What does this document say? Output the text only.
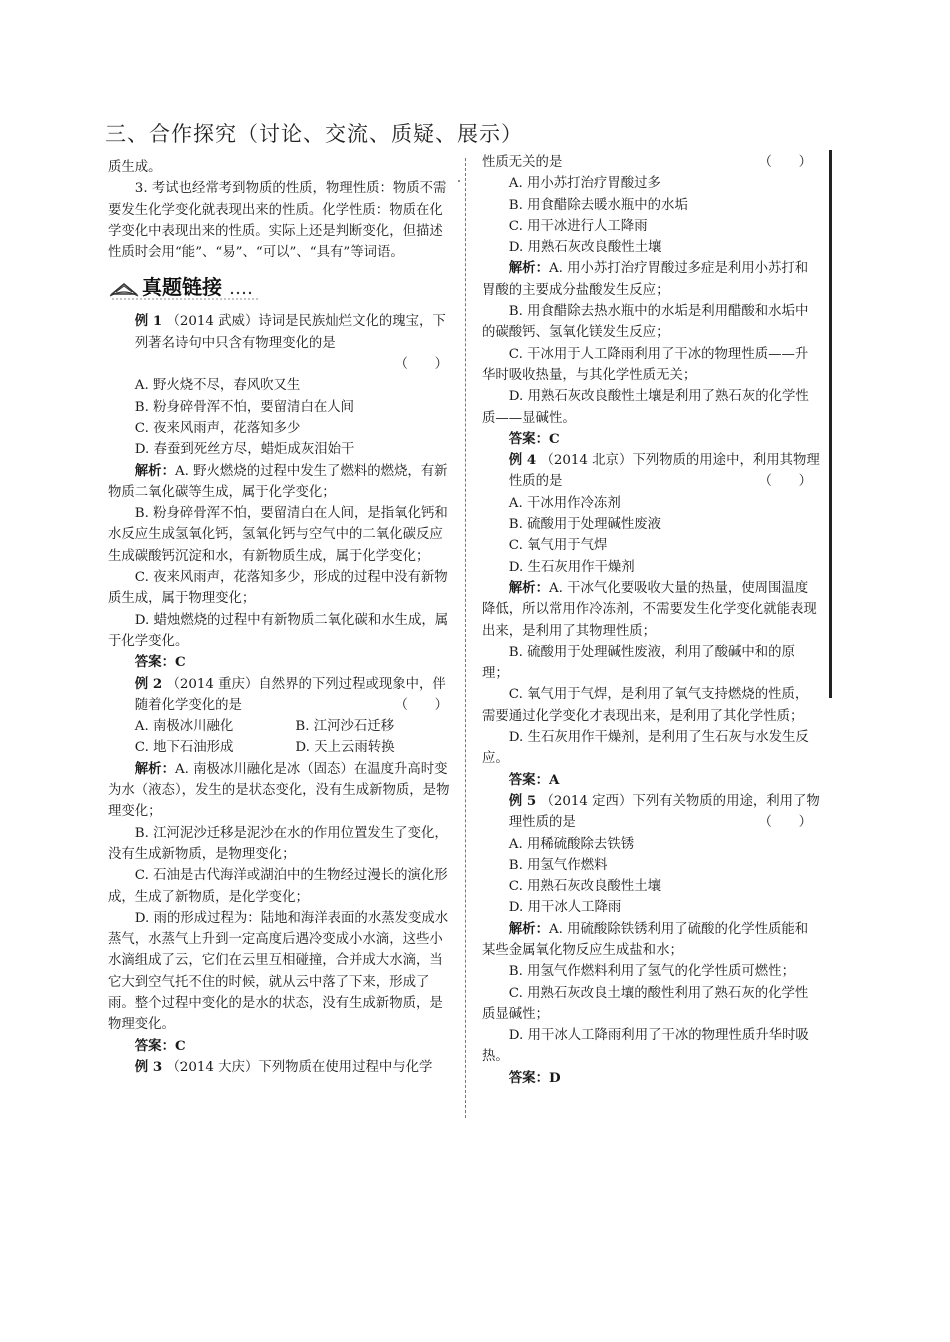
三、合作探究（讨论、交流、质疑、展示）

质生成。

3. 考试也经常考到物质的性质，物理性质：物质不需要发生化学变化就表现出来的性质。化学性质：物质在化学变化中表现出来的性质。实际上还是判断变化，但描述性质时会用“能”、“易”、“可以”、“具有”等词语。

真题链接

例 1 （2014 武威）诗词是民族灿烂文化的瑰宝，下列著名诗句中只含有物理变化的是

（　　）

A. 野火烧不尽，春风吹又生

B. 粉身碎骨浑不怕，要留清白在人间

C. 夜来风雨声，花落知多少

D. 春蚕到死丝方尽，蜡炬成灰泪始干

解析：A. 野火燃烧的过程中发生了燃料的燃烧，有新物质二氧化碳等生成，属于化学变化；

B. 粉身碎骨浑不怕，要留清白在人间，是指氧化钙和水反应生成氢氧化钙，氢氧化钙与空气中的二氧化碳反应生成碳酸钙沉淀和水，有新物质生成，属于化学变化；

C. 夜来风雨声，花落知多少，形成的过程中没有新物质生成，属于物理变化；

D. 蜡烛燃烧的过程中有新物质二氧化碳和水生成，属于化学变化。

答案：C

例 2 （2014 重庆）自然界的下列过程或现象中，伴随着化学变化的是	（　　）

A. 南极冰川融化	B. 江河沙石迁移

C. 地下石油形成	D. 天上云雨转换

解析：A. 南极冰川融化是冰（固态）在温度升高时变为水（液态），发生的是状态变化，没有生成新物质，是物理变化；

B. 江河泥沙迁移是泥沙在水的作用位置发生了变化，没有生成新物质，是物理变化；

C. 石油是古代海洋或湖泊中的生物经过漫长的演化形成，生成了新物质，是化学变化；

D. 雨的形成过程为：陆地和海洋表面的水蒸发变成水蒸气，水蒸气上升到一定高度后遇冷变成小水滴，这些小水滴组成了云，它们在云里互相碰撞，合并成大水滴，当它大到空气托不住的时候，就从云中落了下来，形成了雨。整个过程中变化的是水的状态，没有生成新物质，是物理变化。

答案：C

例 3 （2014 大庆）下列物质在使用过程中与化学

性质无关的是	（　　）

A. 用小苏打治疗胃酸过多

B. 用食醋除去暖水瓶中的水垢

C. 用干冰进行人工降雨

D. 用熟石灰改良酸性土壤

解析：A. 用小苏打治疗胃酸过多症是利用小苏打和胃酸的主要成分盐酸发生反应；

B. 用食醋除去热水瓶中的水垢是利用醋酸和水垢中的碳酸钙、氢氧化镁发生反应；

C. 干冰用于人工降雨利用了干冰的物理性质——升华时吸收热量，与其化学性质无关；

D. 用熟石灰改良酸性土壤是利用了熟石灰的化学性质——显碱性。

答案：C

例 4 （2014 北京）下列物质的用途中，利用其物理性质的是

	（　　）

A. 干冰用作冷冻剂

B. 硫酸用于处理碱性废液

C. 氧气用于气焊

D. 生石灰用作干燥剂

解析：A. 干冰气化要吸收大量的热量，使周围温度降低，所以常用作冷冻剂，不需要发生化学变化就能表现出来，是利用了其物理性质；

B. 硫酸用于处理碱性废液，利用了酸碱中和的原理；

C. 氧气用于气焊，是利用了氧气支持燃烧的性质，需要通过化学变化才表现出来，是利用了其化学性质；

D. 生石灰用作干燥剂，是利用了生石灰与水发生反应。

答案：A

例 5 （2014 定西）下列有关物质的用途，利用了物理性质的是

	（　　）

A. 用稀硫酸除去铁锈

B. 用氢气作燃料

C. 用熟石灰改良酸性土壤

D. 用干冰人工降雨

解析：A. 用硫酸除铁锈利用了硫酸的化学性质能和某些金属氧化物反应生成盐和水；

B. 用氢气作燃料利用了氢气的化学性质可燃性；

C. 用熟石灰改良土壤的酸性利用了熟石灰的化学性质显碱性；

D. 用干冰人工降雨利用了干冰的物理性质升华时吸热。

答案：D
